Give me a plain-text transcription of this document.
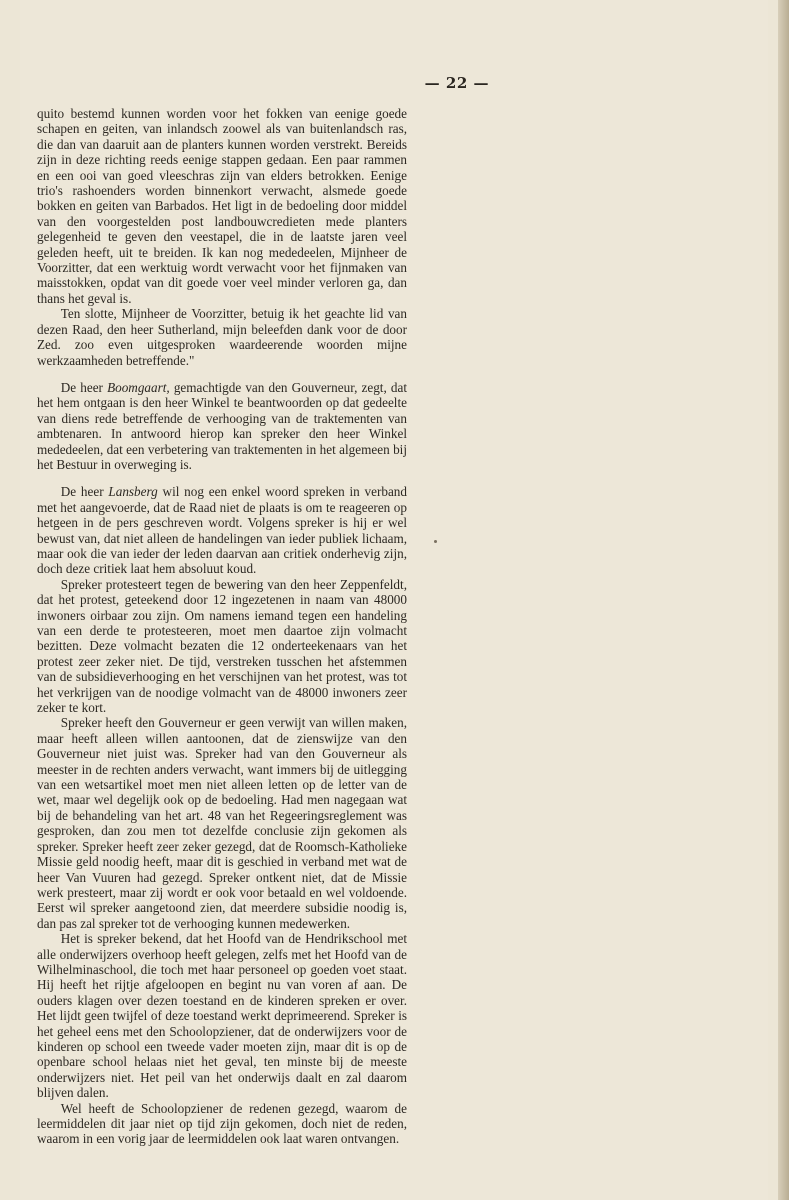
— 22 —

quito bestemd kunnen worden voor het fokken van eenige goede schapen en geiten, van inlandsch zoowel als van buitenlandsch ras, die dan van daaruit aan de planters kunnen worden verstrekt. Bereids zijn in deze richting reeds eenige stappen gedaan. Een paar rammen en een ooi van goed vleeschras zijn van elders betrokken. Eenige trio's rashoenders worden binnenkort verwacht, alsmede goede bokken en geiten van Barbados. Het ligt in de bedoeling door middel van den voorgestelden post landbouwcredieten mede planters gelegenheid te geven den veestapel, die in de laatste jaren veel geleden heeft, uit te breiden. Ik kan nog mededeelen, Mijnheer de Voorzitter, dat een werktuig wordt verwacht voor het fijnmaken van maisstokken, opdat van dit goede voer veel minder verloren ga, dan thans het geval is.

Ten slotte, Mijnheer de Voorzitter, betuig ik het geachte lid van dezen Raad, den heer Sutherland, mijn beleefden dank voor de door Zed. zoo even uitgesproken waardeerende woorden mijne werkzaamheden betreffende."

De heer Boomgaart, gemachtigde van den Gouverneur, zegt, dat het hem ontgaan is den heer Winkel te beantwoorden op dat gedeelte van diens rede betreffende de verhooging van de traktementen van ambtenaren. In antwoord hierop kan spreker den heer Winkel mededeelen, dat een verbetering van traktementen in het algemeen bij het Bestuur in overweging is.

De heer Lansberg wil nog een enkel woord spreken in verband met het aangevoerde, dat de Raad niet de plaats is om te reageeren op hetgeen in de pers geschreven wordt. Volgens spreker is hij er wel bewust van, dat niet alleen de handelingen van ieder publiek lichaam, maar ook die van ieder der leden daarvan aan critiek onderhevig zijn, doch deze critiek laat hem absoluut koud.

Spreker protesteert tegen de bewering van den heer Zeppenfeldt, dat het protest, geteekend door 12 ingezetenen in naam van 48000 inwoners oirbaar zou zijn. Om namens iemand tegen een handeling van een derde te protesteeren, moet men daartoe zijn volmacht bezitten. Deze volmacht bezaten die 12 onderteekenaars van het protest zeer zeker niet. De tijd, verstreken tusschen het afstemmen van de subsidieverhooging en het verschijnen van het protest, was tot het verkrijgen van de noodige volmacht van de 48000 inwoners zeer zeker te kort.

Spreker heeft den Gouverneur er geen verwijt van willen maken, maar heeft alleen willen aantoonen, dat de zienswijze van den Gouverneur niet juist was. Spreker had van den Gouverneur als meester in de rechten anders verwacht, want immers bij de uitlegging van een wetsartikel moet men niet alleen letten op de letter van de wet, maar wel degelijk ook op de bedoeling. Had men nagegaan wat bij de behandeling van het art. 48 van het Regeeringsreglement was gesproken, dan zou men tot dezelfde conclusie zijn gekomen als spreker. Spreker heeft zeer zeker gezegd, dat de Roomsch-Katholieke Missie geld noodig heeft, maar dit is geschied in verband met wat de heer Van Vuuren had gezegd. Spreker ontkent niet, dat de Missie werk presteert, maar zij wordt er ook voor betaald en wel voldoende. Eerst wil spreker aangetoond zien, dat meerdere subsidie noodig is, dan pas zal spreker tot de verhooging kunnen medewerken.

Het is spreker bekend, dat het Hoofd van de Hendrikschool met alle onderwijzers overhoop heeft gelegen, zelfs met het Hoofd van de Wilhelminaschool, die toch met haar personeel op goeden voet staat. Hij heeft het rijtje afgeloopen en begint nu van voren af aan. De ouders klagen over dezen toestand en de kinderen spreken er over. Het lijdt geen twijfel of deze toestand werkt deprimeerend. Spreker is het geheel eens met den Schoolopziener, dat de onderwijzers voor de kinderen op school een tweede vader moeten zijn, maar dit is op de openbare school helaas niet het geval, ten minste bij de meeste onderwijzers niet. Het peil van het onderwijs daalt en zal daarom blijven dalen.

Wel heeft de Schoolopziener de redenen gezegd, waarom de leermiddelen dit jaar niet op tijd zijn gekomen, doch niet de reden, waarom in een vorig jaar de leermiddelen ook laat waren ontvangen.
